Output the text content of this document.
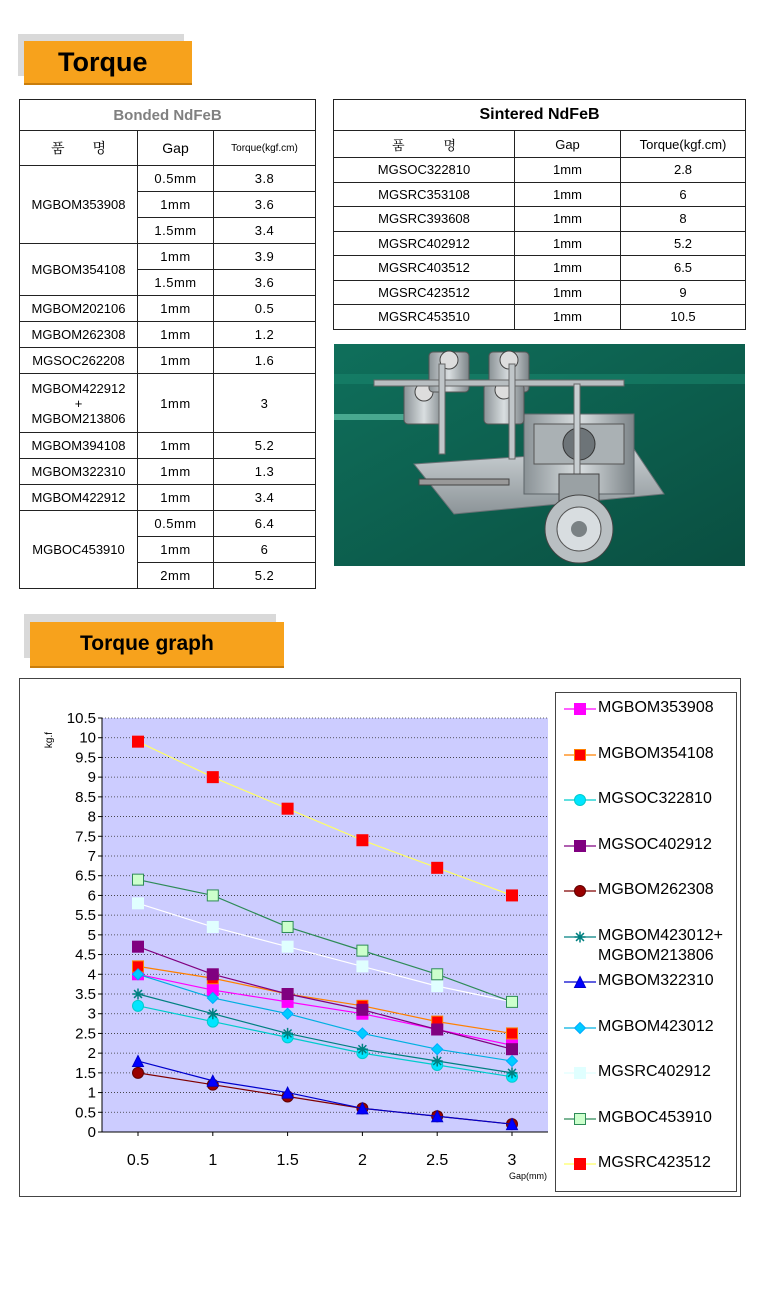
Torque
Bonded NdFeB		
품　　명	Gap	Torque(kgf.cm)

MGBOM353908	0.5mm	3.8
	1mm	3.6
	1.5mm	3.4

MGBOM354108	1mm	3.9
	1.5mm	3.6

MGBOM202106	1mm	0.5

MGBOM262308	1mm	1.2

MGSOC262208	1mm	1.6

MGBOM422912
+
MGBOM213806	1mm	3

MGBOM394108	1mm	5.2

MGBOM322310	1mm	1.3

MGBOM422912	1mm	3.4

MGBOC453910	0.5mm	6.4
	1mm	6
	2mm	5.2
Sintered NdFeB		
품　　　명	Gap	Torque(kgf.cm)
MGSOC322810	1mm	2.8
MGSRC353108	1mm	6
MGSRC393608	1mm	8
MGSRC402912	1mm	5.2
MGSRC403512	1mm	6.5
MGSRC423512	1mm	9
MGSRC453510	1mm	10.5
Torque graph
0
0.5
1
1.5
2
2.5
3
3.5
4
4.5
5
5.5
6
6.5
7
7.5
8
8.5
9
9.5
10
10.5
0.5	1	1.5	2	2.5	3
Gap(mm)
kg.f
MGBOM353908
MGBOM354108
MGSOC322810
MGSOC402912
MGBOM262308
MGBOM423012+
MGBOM213806
MGBOM322310
MGBOM423012
MGSRC402912
MGBOC453910
MGSRC423512
